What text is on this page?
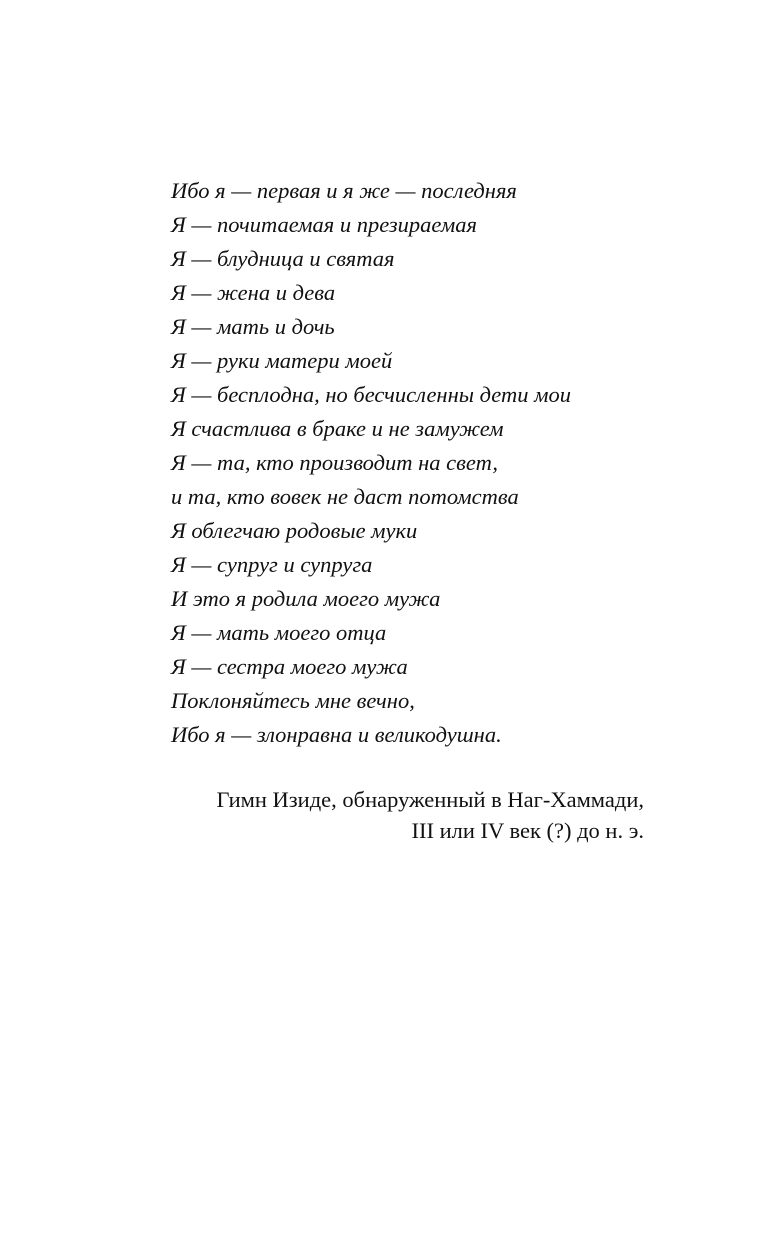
Ибо я — первая и я же — последняя
Я — почитаемая и презираемая
Я — блудница и святая
Я — жена и дева
Я — мать и дочь
Я — руки матери моей
Я — бесплодна, но бесчисленны дети мои
Я счастлива в браке и не замужем
Я — та, кто производит на свет,
и та, кто вовек не даст потомства
Я облегчаю родовые муки
Я — супруг и супруга
И это я родила моего мужа
Я — мать моего отца
Я — сестра моего мужа
Поклоняйтесь мне вечно,
Ибо я — злонравна и великодушна.
Гимн Изиде, обнаруженный в Наг-Хаммади,
III или IV век (?) до н. э.
